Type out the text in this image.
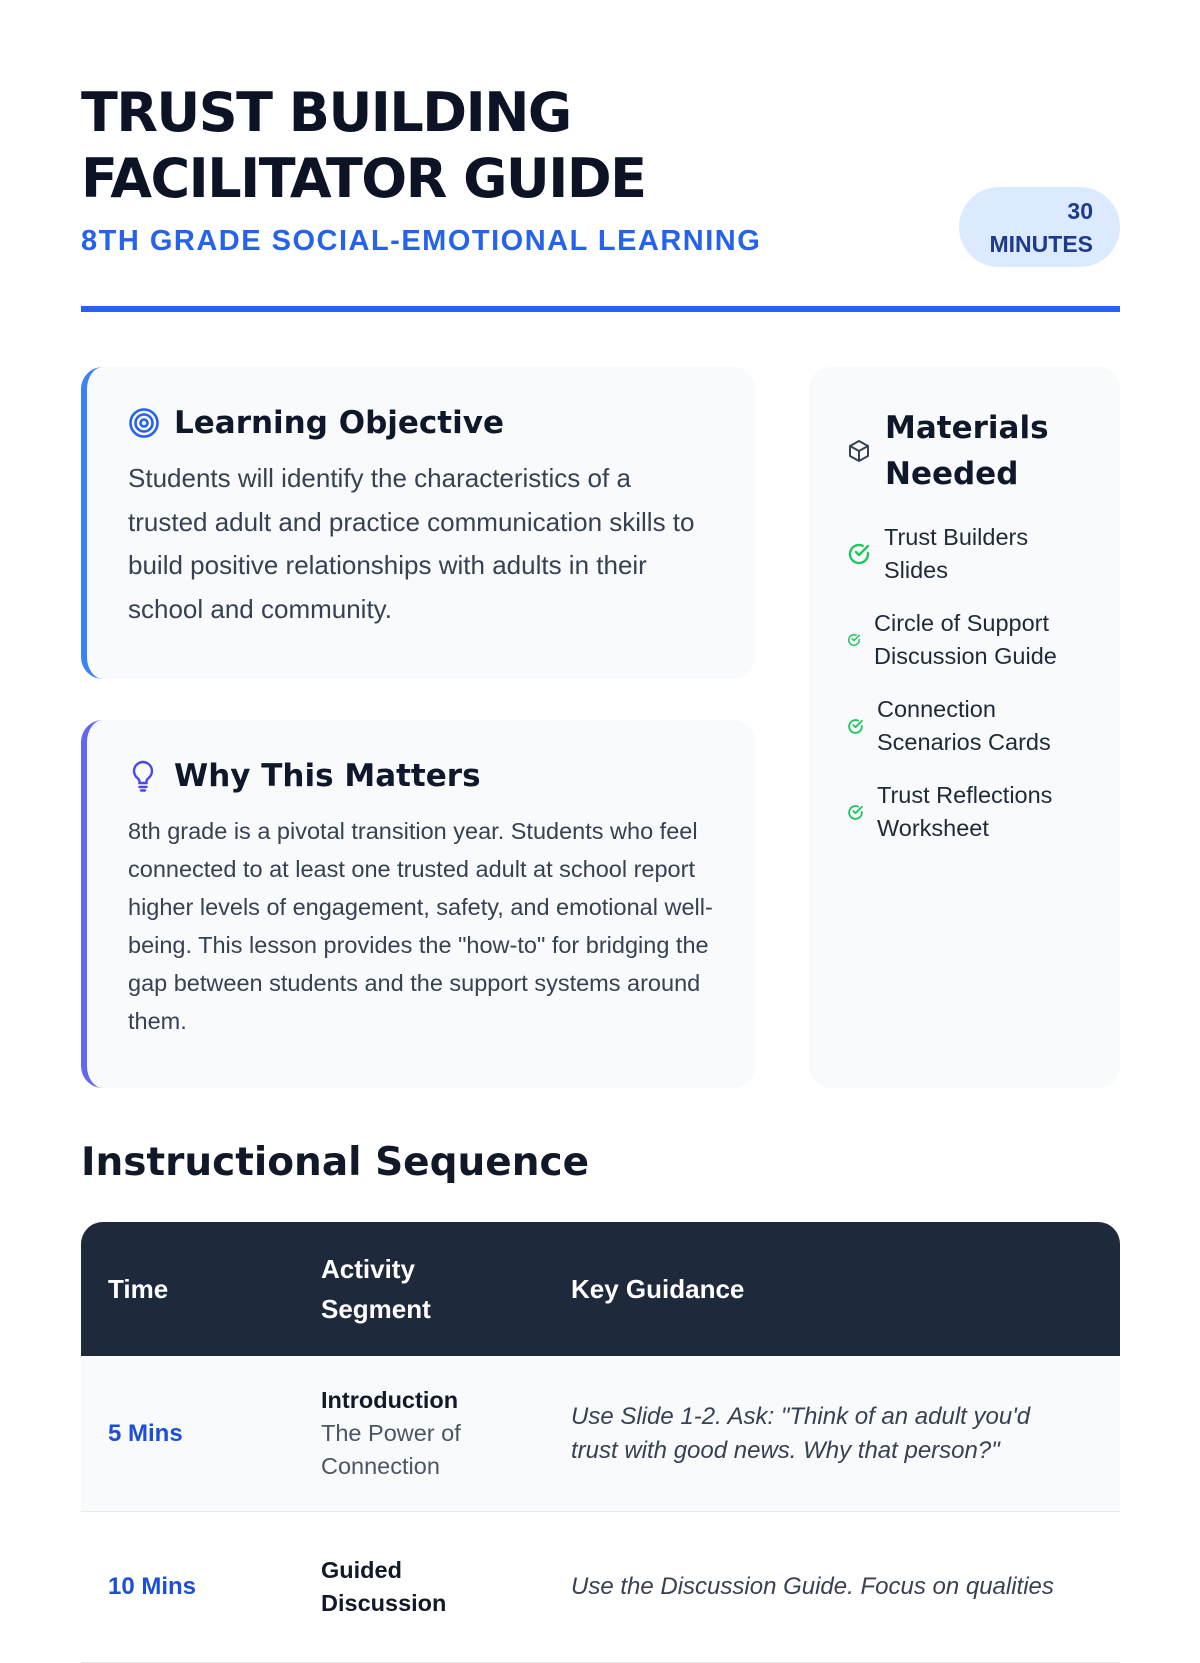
TRUST BUILDING
FACILITATOR GUIDE
8TH GRADE SOCIAL-EMOTIONAL LEARNING
30
MINUTES
Learning Objective

Students will identify the characteristics of a trusted adult and practice communication skills to build positive relationships with adults in their school and community.

Why This Matters

8th grade is a pivotal transition year. Students who feel connected to at least one trusted adult at school report higher levels of engagement, safety, and emotional well-being. This lesson provides the "how-to" for bridging the gap between students and the support systems around them.

Materials Needed
Trust Builders Slides
Circle of Support Discussion Guide
Connection Scenarios Cards
Trust Reflections Worksheet
Instructional Sequence
Time
Activity Segment
Key Guidance
5 Mins
Introduction
The Power of Connection
Use Slide 1-2. Ask: "Think of an adult you'd trust with good news. Why that person?"
10 Mins
Guided Discussion
Use the Discussion Guide. Focus on qualities
